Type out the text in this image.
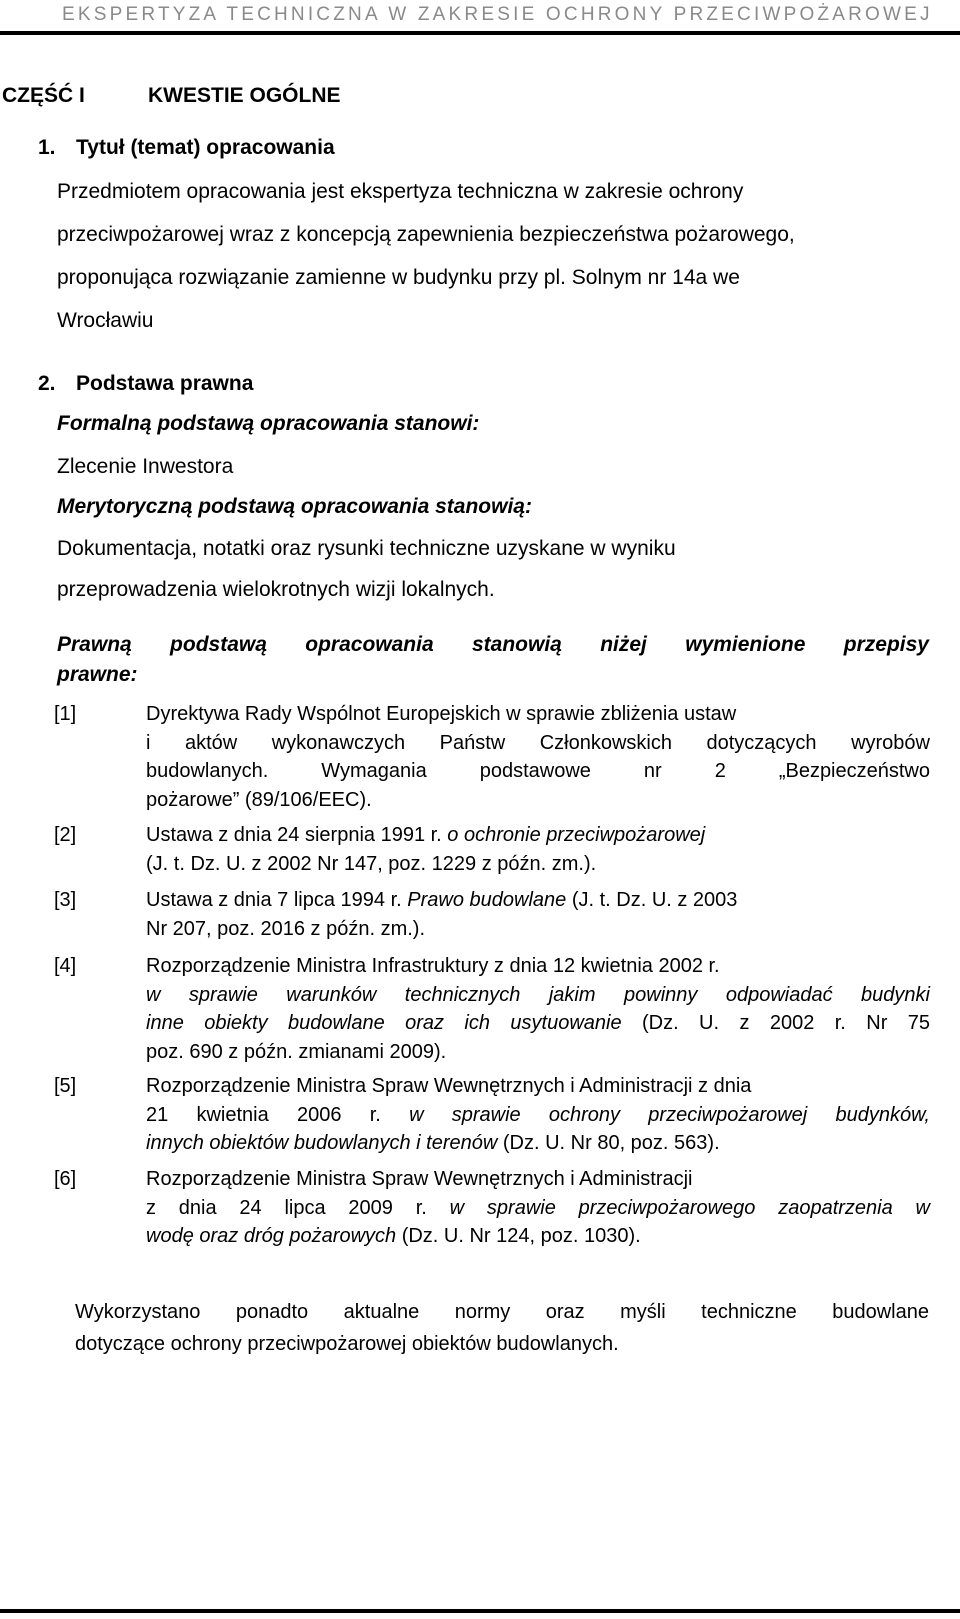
EKSPERTYZA TECHNICZNA W ZAKRESIE OCHRONY PRZECIWPOŻAROWEJ
CZĘŚĆ I	KWESTIE OGÓLNE
1. Tytuł (temat) opracowania

Przedmiotem opracowania jest ekspertyza techniczna w zakresie ochrony

przeciwpożarowej wraz z koncepcją zapewnienia bezpieczeństwa pożarowego,

proponująca rozwiązanie zamienne w budynku przy pl. Solnym nr 14a we

Wrocławiu

2. Podstawa prawna
Formalną podstawą opracowania stanowi:
Zlecenie Inwestora
Merytoryczną podstawą opracowania stanowią:
Dokumentacja, notatki oraz rysunki techniczne uzyskane w wyniku
przeprowadzenia wielokrotnych wizji lokalnych.
Prawną podstawą opracowania stanowią niżej wymienione przepisy
prawne:
[1]	Dyrektywa Rady Wspólnot Europejskich w sprawie zbliżenia ustaw
i aktów wykonawczych Państw Członkowskich dotyczących wyrobów
budowlanych. Wymagania podstawowe nr 2 „Bezpieczeństwo
pożarowe” (89/106/EEC).
[2]	Ustawa z dnia 24 sierpnia 1991 r. o ochronie przeciwpożarowej
(J. t. Dz. U. z 2002 Nr 147, poz. 1229 z późn. zm.).
[3]	Ustawa z dnia 7 lipca 1994 r. Prawo budowlane (J. t. Dz. U. z 2003
Nr 207, poz. 2016 z późn. zm.).
[4]	Rozporządzenie Ministra Infrastruktury z dnia 12 kwietnia 2002 r.
w sprawie warunków technicznych jakim powinny odpowiadać budynki
inne obiekty budowlane oraz ich usytuowanie (Dz. U. z 2002 r. Nr 75
poz. 690 z późn. zmianami 2009).
[5]	Rozporządzenie Ministra Spraw Wewnętrznych i Administracji z dnia
21 kwietnia 2006 r. w sprawie ochrony przeciwpożarowej budynków,
innych obiektów budowlanych i terenów (Dz. U. Nr 80, poz. 563).
[6]	Rozporządzenie Ministra Spraw Wewnętrznych i Administracji
z dnia 24 lipca 2009 r. w sprawie przeciwpożarowego zaopatrzenia w
wodę oraz dróg pożarowych (Dz. U. Nr 124, poz. 1030).
Wykorzystano ponadto aktualne normy oraz myśli techniczne budowlane
dotyczące ochrony przeciwpożarowej obiektów budowlanych.
